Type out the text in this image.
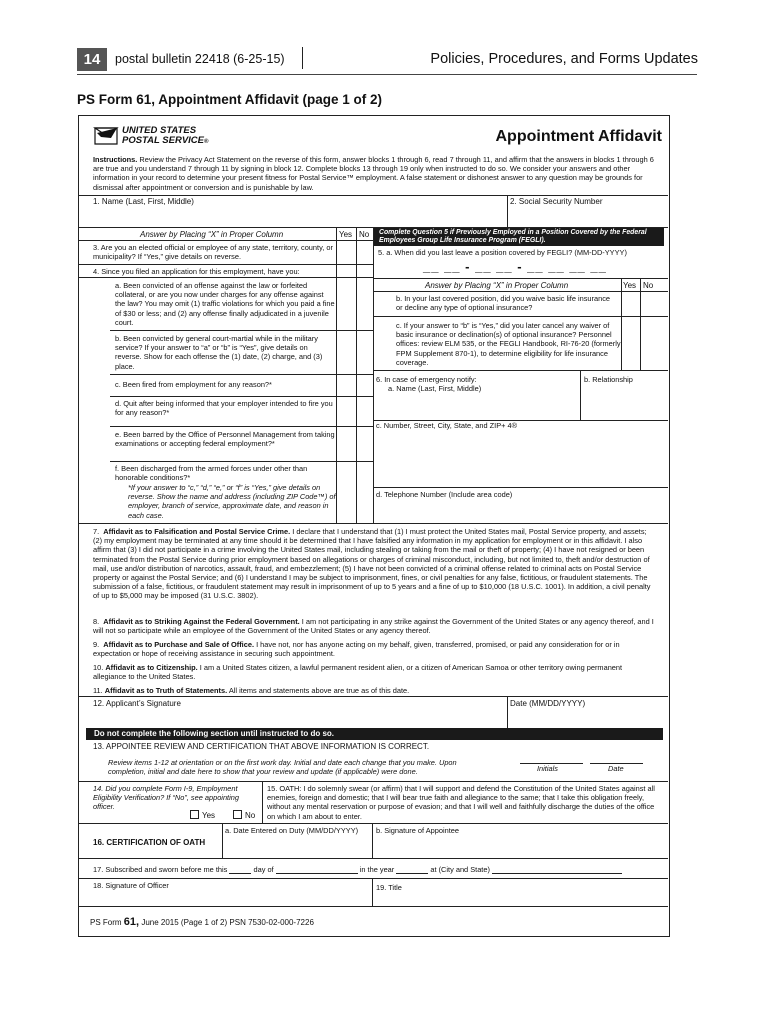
14	postal bulletin 22418 (6-25-15)	Policies, Procedures, and Forms Updates
PS Form 61, Appointment Affidavit (page 1 of 2)
UNITED STATES
POSTAL SERVICE®	Appointment Affidavit
Instructions. Review the Privacy Act Statement on the reverse of this form, answer blocks 1 through 6, read 7 through 11, and affirm that the answers in blocks 1 through 6 are true and you understand 7 through 11 by signing in block 12. Complete blocks 13 through 19 only when instructed to do so. We consider your answers and other information in your record to determine your present fitness for Postal Service™ employment. A false statement or dishonest answer to any question may be grounds for dismissal after appointment or conversion and is punishable by law.
1. Name (Last, First, Middle)	2. Social Security Number
Answer by Placing “X” in Proper Column	Yes No
3. Are you an elected official or employee of any state, territory, county, or municipality? If “Yes,” give details on reverse.
4. Since you filed an application for this employment, have you:
a. Been convicted of an offense against the law or forfeited collateral, or are you now under charges for any offense against the law? You may omit (1) traffic violations for which you paid a fine of $30 or less; and (2) any offense finally adjudicated in a juvenile court.
b. Been convicted by general court-martial while in the military service? If your answer to “a” or “b” is “Yes”, give details on reverse. Show for each offense the (1) date, (2) charge, and (3) place.
c. Been fired from employment for any reason?*
d. Quit after being informed that your employer intended to fire you for any reason?*
e. Been barred by the Office of Personnel Management from taking examinations or accepting federal employment?*
f. Been discharged from the armed forces under other than honorable conditions?*
*If your answer to “c,” “d,” “e,” or “f” is “Yes,” give details on reverse. Show the name and address (including ZIP Code™) of employer, branch of service, approximate date, and reason in each case.
Complete Question 5 if Previously Employed in a Position Covered by the Federal Employees Group Life Insurance Program (FEGLI).
5. a. When did you last leave a position covered by FEGLI? (MM-DD-YYYY)
__ __ - __ __ - __ __ __ __
Answer by Placing “X” in Proper Column	Yes No
b. In your last covered position, did you waive basic life insurance or decline any type of optional insurance?
c. If your answer to “b” is “Yes,” did you later cancel any waiver of basic insurance or declination(s) of optional insurance? Personnel offices: review ELM 535, or the FEGLI Handbook, RI-76-20 (formerly FPM Supplement 870-1), to determine eligibility for life insurance coverage.
6. In case of emergency notify:
a. Name (Last, First, Middle)
b. Relationship
c. Number, Street, City, State, and ZIP+ 4®
d. Telephone Number (Include area code)
7.  Affidavit as to Falsification and Postal Service Crime. I declare that I understand that (1) I must protect the United States mail, Postal Service property, and assets; (2) my employment may be terminated at any time should it be determined that I have falsified any information in my application for employment or in this affidavit. I also affirm that (3) I did not participate in a crime involving the United States mail, including stealing or taking from the mail or theft of property; (4) I have not resigned or been terminated from the Postal Service during prior employment based on allegations or charges of criminal misconduct, including, but not limited to, theft and/or destruction of mail, use and/or distribution of narcotics, assault, fraud, and embezzlement; (5) I have not been convicted of a criminal offense related to criminal acts on Postal Service property or against the Postal Service; and (6) I understand I may be subject to imprisonment, fines, or civil penalties for any false, fictitious, or fraudulent statements. The submission of a false, fictitious, or fraudulent statement may result in imprisonment of up to 5 years and a fine of up to $10,000 (18 U.S.C. 1001). In addition, a civil penalty of up to $5,000 may be imposed (31 U.S.C. 3802).
8.  Affidavit as to Striking Against the Federal Government. I am not participating in any strike against the Government of the United States or any agency thereof, and I will not so participate while an employee of the Government of the United States or any agency thereof.
9.  Affidavit as to Purchase and Sale of Office. I have not, nor has anyone acting on my behalf, given, transferred, promised, or paid any consideration for or in expectation or hope of receiving assistance in securing such appointment.
10. Affidavit as to Citizenship. I am a United States citizen, a lawful permanent resident alien, or a citizen of American Samoa or other territory owing permanent allegiance to the United States.
11. Affidavit as to Truth of Statements. All items and statements above are true as of this date.
12. Applicant’s Signature	Date (MM/DD/YYYY)
Do not complete the following section until instructed to do so.
13. APPOINTEE REVIEW AND CERTIFICATION THAT ABOVE INFORMATION IS CORRECT.
Review items 1-12 at orientation or on the first work day. Initial and date each change that you make. Upon completion, initial and date here to show that your review and update (if applicable) were done.	Initials	Date
14. Did you complete Form I-9, Employment Eligibility Verification? If “No”, see appointing officer.
Yes	No
15. OATH: I do solemnly swear (or affirm) that I will support and defend the Constitution of the United States against all enemies, foreign and domestic; that I will bear true faith and allegiance to the same; that I take this obligation freely, without any mental reservation or purpose of evasion; and that I will well and faithfully discharge the duties of the office on which I am about to enter.
16. CERTIFICATION OF OATH
a. Date Entered on Duty (MM/DD/YYYY) b. Signature of Appointee
17. Subscribed and sworn before me this	day of	in the year	at (City and State)
18. Signature of Officer	19. Title
PS Form 61, June 2015 (Page 1 of 2) PSN 7530-02-000-7226
